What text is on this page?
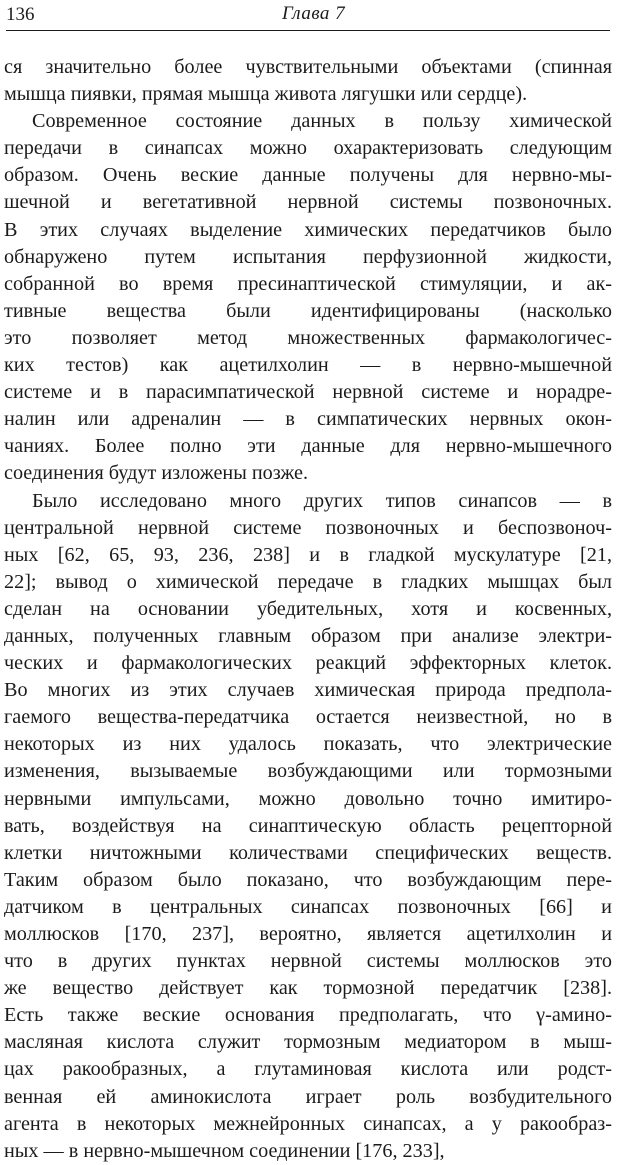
136	Глава 7
ся значительно более чувствительными объектами (спинная
мышца пиявки, прямая мышца живота лягушки или сердце).
Современное состояние данных в пользу химической
передачи в синапсах можно охарактеризовать следующим
образом. Очень веские данные получены для нервно-мы-
шечной и вегетативной нервной системы позвоночных.
В этих случаях выделение химических передатчиков было
обнаружено путем испытания перфузионной жидкости,
собранной во время пресинаптической стимуляции, и ак-
тивные вещества были идентифицированы (насколько
это позволяет метод множественных фармакологичес-
ких тестов) как ацетилхолин — в нервно-мышечной
системе и в парасимпатической нервной системе и норадре-
налин или адреналин — в симпатических нервных окон-
чаниях. Более полно эти данные для нервно-мышечного
соединения будут изложены позже.
Было исследовано много других типов синапсов — в
центральной нервной системе позвоночных и беспозвоноч-
ных [62, 65, 93, 236, 238] и в гладкой мускулатуре [21,
22]; вывод о химической передаче в гладких мышцах был
сделан на основании убедительных, хотя и косвенных,
данных, полученных главным образом при анализе электри-
ческих и фармакологических реакций эффекторных клеток.
Во многих из этих случаев химическая природа предпола-
гаемого вещества-передатчика остается неизвестной, но в
некоторых из них удалось показать, что электрические
изменения, вызываемые возбуждающими или тормозными
нервными импульсами, можно довольно точно имитиро-
вать, воздействуя на синаптическую область рецепторной
клетки ничтожными количествами специфических веществ.
Таким образом было показано, что возбуждающим пере-
датчиком в центральных синапсах позвоночных [66] и
моллюсков [170, 237], вероятно, является ацетилхолин и
что в других пунктах нервной системы моллюсков это
же вещество действует как тормозной передатчик [238].
Есть также веские основания предполагать, что γ-амино-
масляная кислота служит тормозным медиатором в мыш-
цах ракообразных, а глутаминовая кислота или родст-
венная ей аминокислота играет роль возбудительного
агента в некоторых межнейронных синапсах, а у ракообраз-
ных — в нервно-мышечном соединении [176, 233],
